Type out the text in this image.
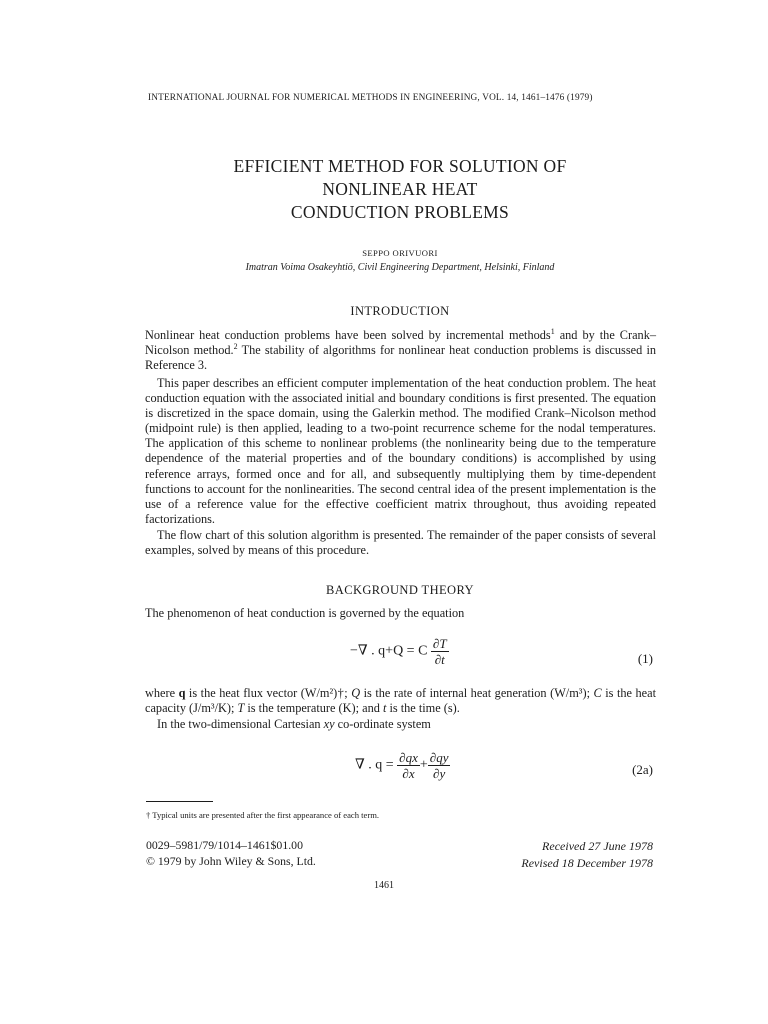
INTERNATIONAL JOURNAL FOR NUMERICAL METHODS IN ENGINEERING, VOL. 14, 1461–1476 (1979)
EFFICIENT METHOD FOR SOLUTION OF
NONLINEAR HEAT
CONDUCTION PROBLEMS
SEPPO ORIVUORI
Imatran Voima Osakeyhtiö, Civil Engineering Department, Helsinki, Finland
INTRODUCTION
Nonlinear heat conduction problems have been solved by incremental methods$^1$ and by the Crank–Nicolson method.$^2$ The stability of algorithms for nonlinear heat conduction problems is discussed in Reference 3.
This paper describes an efficient computer implementation of the heat conduction problem. The heat conduction equation with the associated initial and boundary conditions is first presented. The equation is discretized in the space domain, using the Galerkin method. The modified Crank–Nicolson method (midpoint rule) is then applied, leading to a two-point recurrence scheme for the nodal temperatures. The application of this scheme to nonlinear problems (the nonlinearity being due to the temperature dependence of the material properties and of the boundary conditions) is accomplished by using reference arrays, formed once and for all, and subsequently multiplying them by time-dependent functions to account for the nonlinearities. The second central idea of the present implementation is the use of a reference value for the effective coefficient matrix throughout, thus avoiding repeated factorizations.
The flow chart of this solution algorithm is presented. The remainder of the paper consists of several examples, solved by means of this procedure.
BACKGROUND THEORY
The phenomenon of heat conduction is governed by the equation
−∇ . q+Q = C $\frac{\partial T}{\partial t}$	(1)
where q is the heat flux vector (W/m²)†; Q is the rate of internal heat generation (W/m³); C is the heat capacity (J/m³/K); T is the temperature (K); and t is the time (s).
In the two-dimensional Cartesian xy co-ordinate system
∇ . $q = \frac{\partial qx}{\partial x} + \frac{\partial qy}{\partial y}$	(2a)
† Typical units are presented after the first appearance of each term.
0029–5981/79/1014–1461$01.00
© 1979 by John Wiley & Sons, Ltd.
Received 27 June 1978
Revised 18 December 1978
1461
